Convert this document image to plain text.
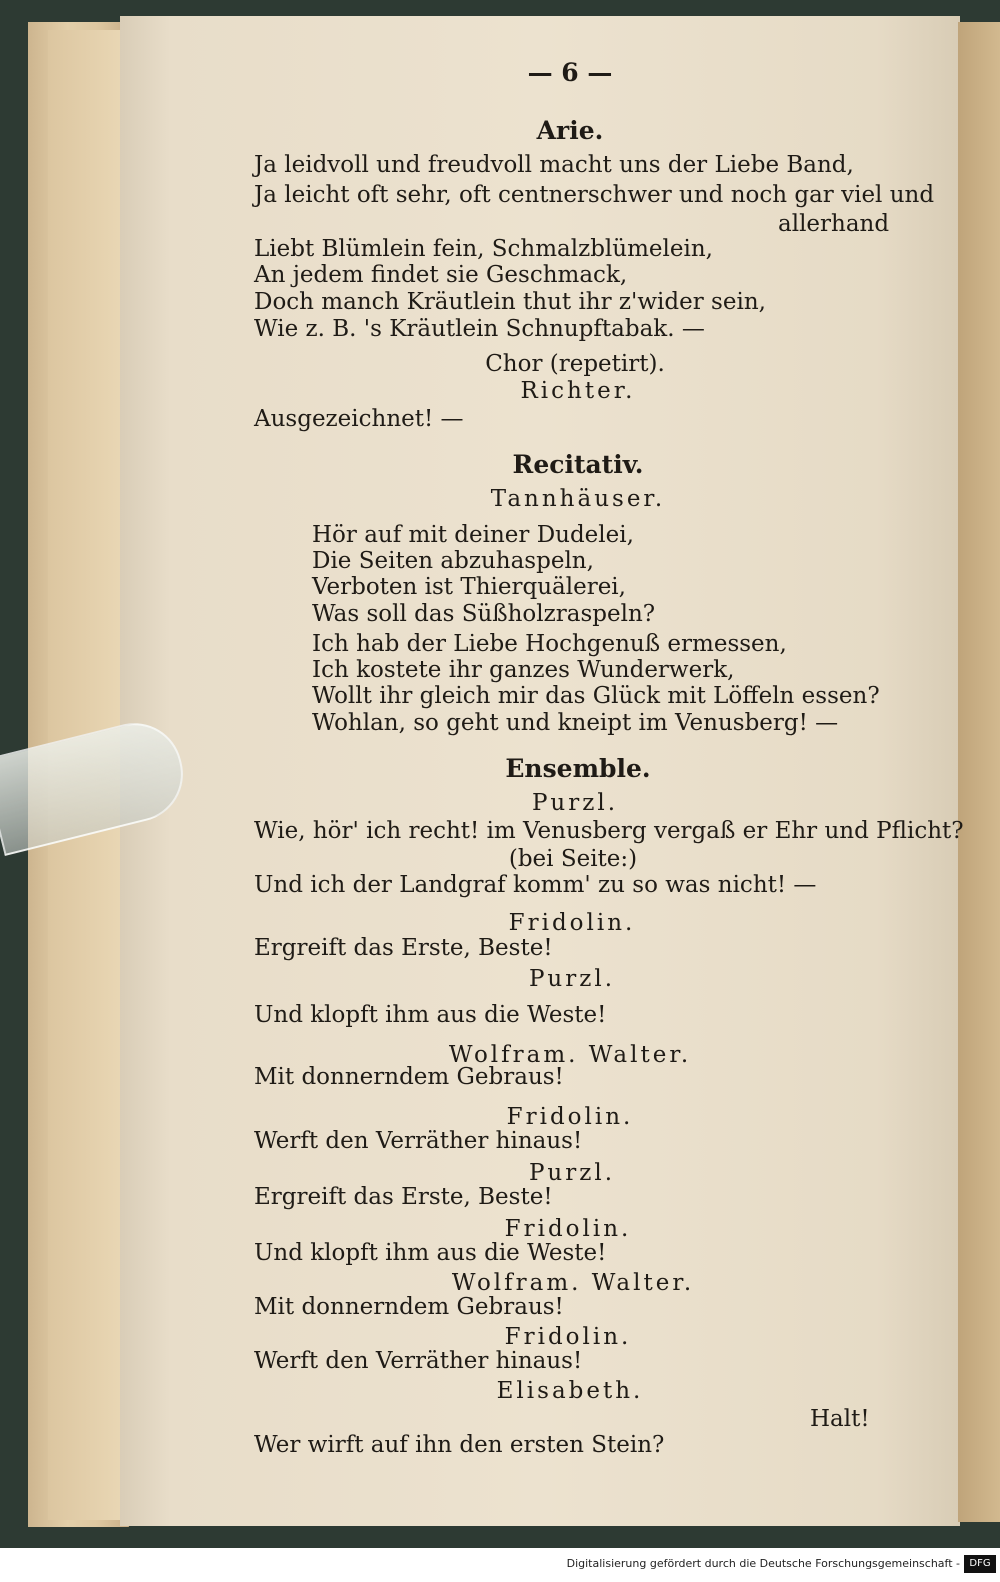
— 6 —
Arie.
Ja leidvoll und freudvoll macht uns der Liebe Band,
Ja leicht oft sehr, oft centnerschwer und noch gar viel und
allerhand
Liebt Blümlein fein, Schmalzblümelein,
An jedem findet sie Geschmack,
Doch manch Kräutlein thut ihr z'wider sein,
Wie z. B. 's Kräutlein Schnupftabak. —
Chor (repetirt).
Richter.
Ausgezeichnet! —
Recitativ.
Tannhäuser.
Hör auf mit deiner Dudelei,
Die Seiten abzuhaspeln,
Verboten ist Thierquälerei,
Was soll das Süßholzraspeln?
Ich hab der Liebe Hochgenuß ermessen,
Ich kostete ihr ganzes Wunderwerk,
Wollt ihr gleich mir das Glück mit Löffeln essen?
Wohlan, so geht und kneipt im Venusberg! —
Ensemble.
Purzl.
Wie, hör' ich recht! im Venusberg vergaß er Ehr und Pflicht?
(bei Seite:)
Und ich der Landgraf komm' zu so was nicht! —
Fridolin.
Ergreift das Erste, Beste!
Purzl.
Und klopft ihm aus die Weste!
Wolfram. Walter.
Mit donnerndem Gebraus!
Fridolin.
Werft den Verräther hinaus!
Purzl.
Ergreift das Erste, Beste!
Fridolin.
Und klopft ihm aus die Weste!
Wolfram. Walter.
Mit donnerndem Gebraus!
Fridolin.
Werft den Verräther hinaus!
Elisabeth.
Halt!
Wer wirft auf ihn den ersten Stein?
Digitalisierung gefördert durch die Deutsche Forschungsgemeinschaft - DFG
